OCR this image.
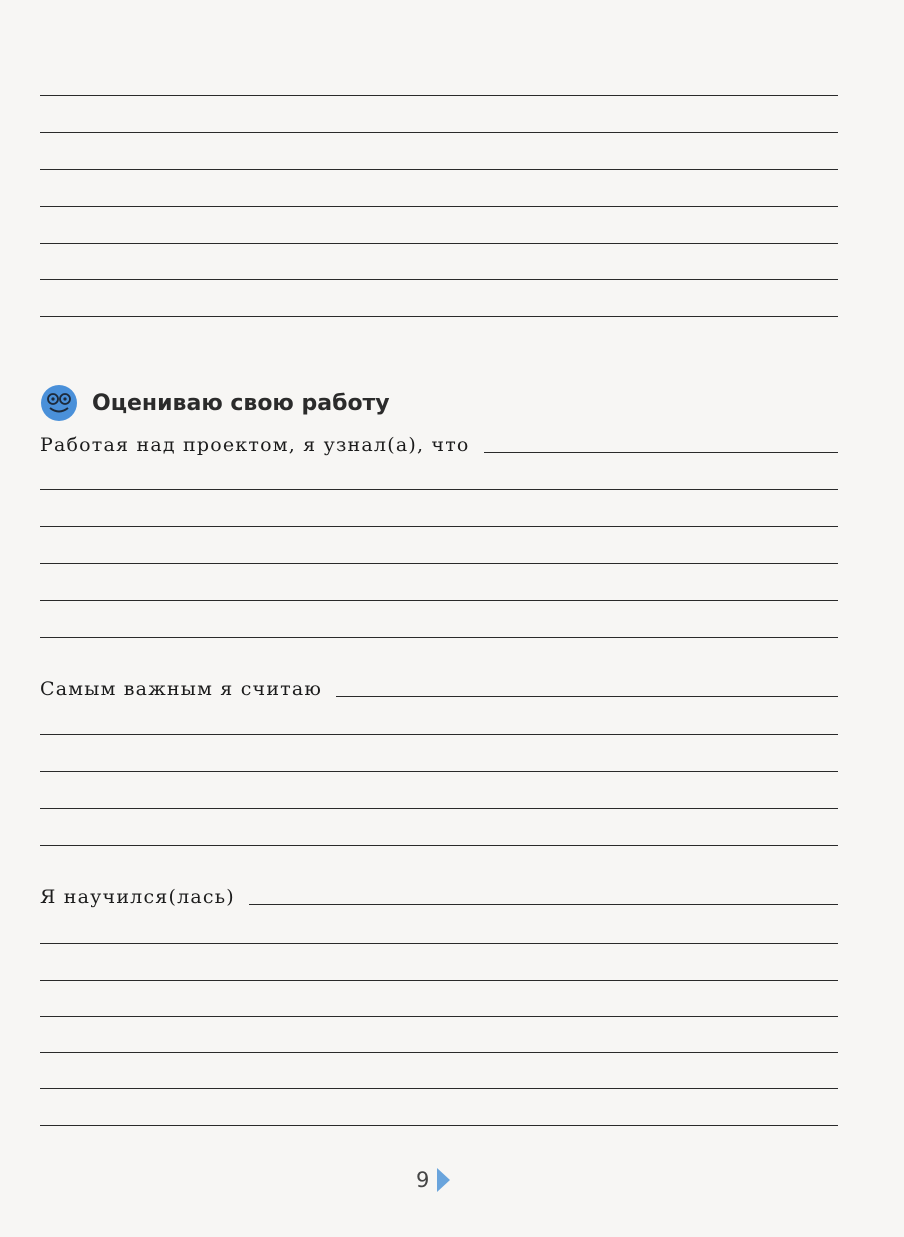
Оцениваю свою работу
Работая над проектом, я узнал(а), что
Самым важным я считаю
Я научился(лась)
9
